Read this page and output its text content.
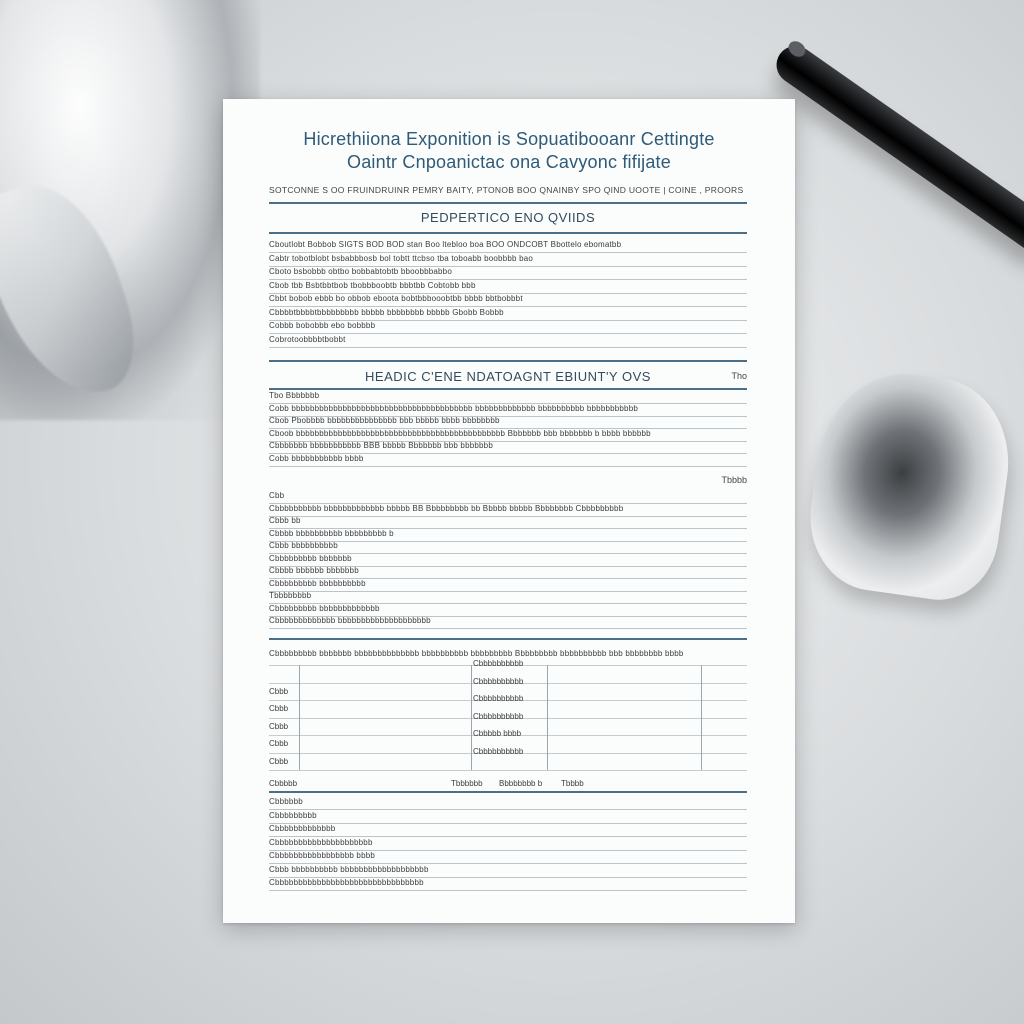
Hicrethiiona Exponition is Sopuatibooanr Cettingte
Oaintr Cnpoanictac ona Cavyonc fifijate
SOTCONNE S OO FRUINDRUINR PEMRY BAITY, PTONOB BOO QNAINBY SPO QIND UOOTE | COINE , PROORS
PEDPERTICO ENO QVIIDS
Cboutlobt Bobbob SIGTS BOD BOD stan Boo ltebloo boa BOO ONDCOBT Bbottelo ebomatbb
Cabtr tobotblobt bsbabbbosb bol tobtt ttcbso tba toboabb boobbbb bao
Cboto bsbobbb obtbo bobbabtobtb bboobbbabbo
Cbob tbb Bsbtbbtbob tbobbboobtb bbbtbb Cobtobb bbb
Cbbt bobob ebbb bo obbob eboota bobtbbbooobtbb bbbb bbtbobbbt
Cbbbbtbbbbtbbbbbbbbb bbbbb bbbbbbbb bbbbb Gbobb Bobbb
Cobbb bobobbb ebo bobbbb
Cobrotoobbbbtbobbt
HEADIC C'ENE NDATOAGNT EBIUNT'Y OVS	Tho
Tbo Bbbbbbb
Cobb bbbbbbbbbbbbbbbbbbbbbbbbbbbbbbbbbbbbbbb bbbbbbbbbbbbb bbbbbbbbbb bbbbbbbbbbb
Cbob Pbobbbb bbbbbbbbbbbbbbb bbb bbbbb bbbb bbbbbbbb
Cboob bbbbbbbbbbbbbbbbbbbbbbbbbbbbbbbbbbbbbbbbbbbbb Bbbbbbb bbb bbbbbbb b bbbb bbbbbb
Cbbbbbbb bbbbbbbbbbb BBB bbbbb Bbbbbbb bbb bbbbbbb
Cobb bbbbbbbbbbb bbbb
Tbbbb
Cbb
Cbbbbbbbbbb bbbbbbbbbbbbb bbbbb BB Bbbbbbbbb bb Bbbbb bbbbb Bbbbbbbb Cbbbbbbbbb
Cbbb bb
Cbbbb bbbbbbbbbb bbbbbbbbb b
Cbbb bbbbbbbbbb
Cbbbbbbbbb bbbbbbb
Cbbbb bbbbbb bbbbbbb
Cbbbbbbbbb bbbbbbbbbb
Tbbbbbbbb
Cbbbbbbbbb bbbbbbbbbbbbb
Cbbbbbbbbbbbbb bbbbbbbbbbbbbbbbbbbb
Cbbbbbbbbb bbbbbbb bbbbbbbbbbbbbb bbbbbbbbbb bbbbbbbbb Bbbbbbbbb bbbbbbbbbb bbb bbbbbbbb bbbb
Cbbb
Cbbb
Cbbb
Cbbb
Cbbb
Cbbbbbbbbbb
Cbbbbbbbbbb
Cbbbbbbbbbb
Cbbbbbbbbbb
Cbbbbb bbbb
Cbbbbbbbbbb
Cbbbbb	Tbbbbbb Bbbbbbbb b Tbbbb
Cbbbbbb
Cbbbbbbbbb
Cbbbbbbbbbbbbb
Cbbbbbbbbbbbbbbbbbbbbb
Cbbbbbbbbbbbbbbbbb bbbb
Cbbb bbbbbbbbbb bbbbbbbbbbbbbbbbbbb
Cbbbbbbbbbbbbbbbbbbbbbbbbbbbbbbbb
